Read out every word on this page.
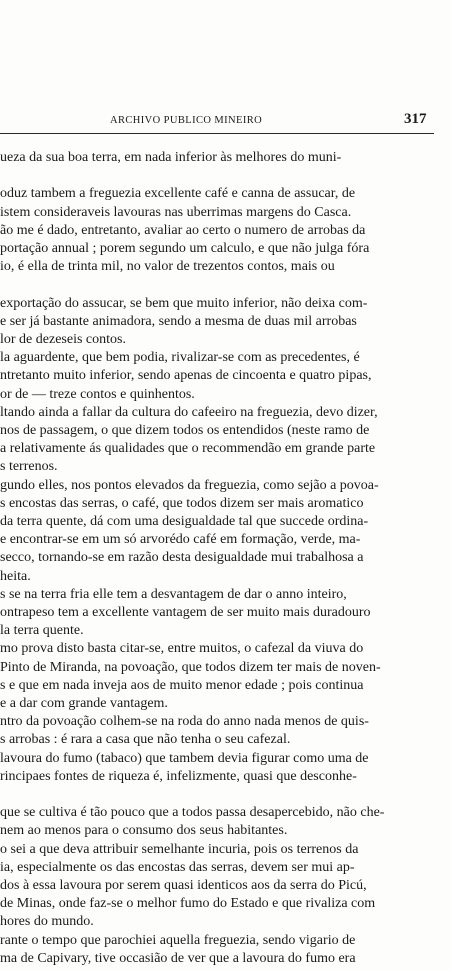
ARCHIVO PUBLICO MINEIRO	317
ueza da sua boa terra, em nada inferior às melhores do muni-
oduz tambem a freguezia excellente café e canna de assucar, de
istem consideraveis lavouras nas uberrimas margens do Casca.
ão me é dado, entretanto, avaliar ao certo o numero de arrobas da
portação annual ; porem segundo um calculo, e que não julga fóra
io, é ella de trinta mil, no valor de trezentos contos, mais ou
exportação do assucar, se bem que muito inferior, não deixa com-
e ser já bastante animadora, sendo a mesma de duas mil arrobas
lor de dezeseis contos.
la aguardente, que bem podia, rivalizar-se com as precedentes, é
ntretanto muito inferior, sendo apenas de cincoenta e quatro pipas,
or de — treze contos e quinhentos.
ltando ainda a fallar da cultura do cafeeiro na freguezia, devo dizer,
nos de passagem, o que dizem todos os entendidos (neste ramo de
a relativamente ás qualidades que o recommendão em grande parte
s terrenos.
gundo elles, nos pontos elevados da freguezia, como sejão a povoa-
s encostas das serras, o café, que todos dizem ser mais aromatico
da terra quente, dá com uma desigualdade tal que succede ordina-
e encontrar-se em um só arvorédo café em formação, verde, ma-
secco, tornando-se em razão desta desigualdade mui trabalhosa a
heita.
s se na terra fria elle tem a desvantagem de dar o anno inteiro,
ontrapeso tem a excellente vantagem de ser muito mais duradouro
la terra quente.
mo prova disto basta citar-se, entre muitos, o cafezal da viuva do
Pinto de Miranda, na povoação, que todos dizem ter mais de noven-
s e que em nada inveja aos de muito menor edade ; pois continua
e a dar com grande vantagem.
ntro da povoação colhem-se na roda do anno nada menos de quis-
s arrobas : é rara a casa que não tenha o seu cafezal.
lavoura do fumo (tabaco) que tambem devia figurar como uma de
rincipaes fontes de riqueza é, infelizmente, quasi que desconhe-
que se cultiva é tão pouco que a todos passa desapercebido, não che-
nem ao menos para o consumo dos seus habitantes.
o sei a que deva attribuir semelhante incuria, pois os terrenos da
ia, especialmente os das encostas das serras, devem ser mui ap-
dos à essa lavoura por serem quasi identicos aos da serra do Picú,
de Minas, onde faz-se o melhor fumo do Estado e que rivaliza com
hores do mundo.
rante o tempo que parochiei aquella freguezia, sendo vigario de
ma de Capivary, tive occasião de ver que a lavoura do fumo era
